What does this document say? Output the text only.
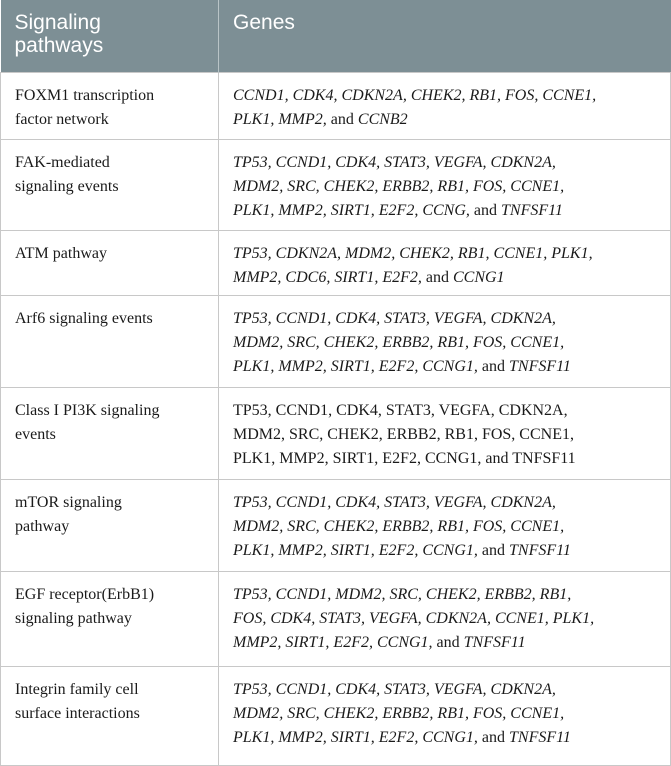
Signaling
pathways	Genes
FOXM1 transcription
factor network	CCND1, CDK4, CDKN2A, CHEK2, RB1, FOS, CCNE1,
PLK1, MMP2, and CCNB2
FAK-mediated
signaling events	TP53, CCND1, CDK4, STAT3, VEGFA, CDKN2A,
MDM2, SRC, CHEK2, ERBB2, RB1, FOS, CCNE1,
PLK1, MMP2, SIRT1, E2F2, CCNG, and TNFSF11
ATM pathway	TP53, CDKN2A, MDM2, CHEK2, RB1, CCNE1, PLK1,
MMP2, CDC6, SIRT1, E2F2, and CCNG1
Arf6 signaling events	TP53, CCND1, CDK4, STAT3, VEGFA, CDKN2A,
MDM2, SRC, CHEK2, ERBB2, RB1, FOS, CCNE1,
PLK1, MMP2, SIRT1, E2F2, CCNG1, and TNFSF11
Class I PI3K signaling
events	TP53, CCND1, CDK4, STAT3, VEGFA, CDKN2A,
MDM2, SRC, CHEK2, ERBB2, RB1, FOS, CCNE1,
PLK1, MMP2, SIRT1, E2F2, CCNG1, and TNFSF11
mTOR signaling
pathway	TP53, CCND1, CDK4, STAT3, VEGFA, CDKN2A,
MDM2, SRC, CHEK2, ERBB2, RB1, FOS, CCNE1,
PLK1, MMP2, SIRT1, E2F2, CCNG1, and TNFSF11
EGF receptor(ErbB1)
signaling pathway	TP53, CCND1, MDM2, SRC, CHEK2, ERBB2, RB1,
FOS, CDK4, STAT3, VEGFA, CDKN2A, CCNE1, PLK1,
MMP2, SIRT1, E2F2, CCNG1, and TNFSF11
Integrin family cell
surface interactions	TP53, CCND1, CDK4, STAT3, VEGFA, CDKN2A,
MDM2, SRC, CHEK2, ERBB2, RB1, FOS, CCNE1,
PLK1, MMP2, SIRT1, E2F2, CCNG1, and TNFSF11
